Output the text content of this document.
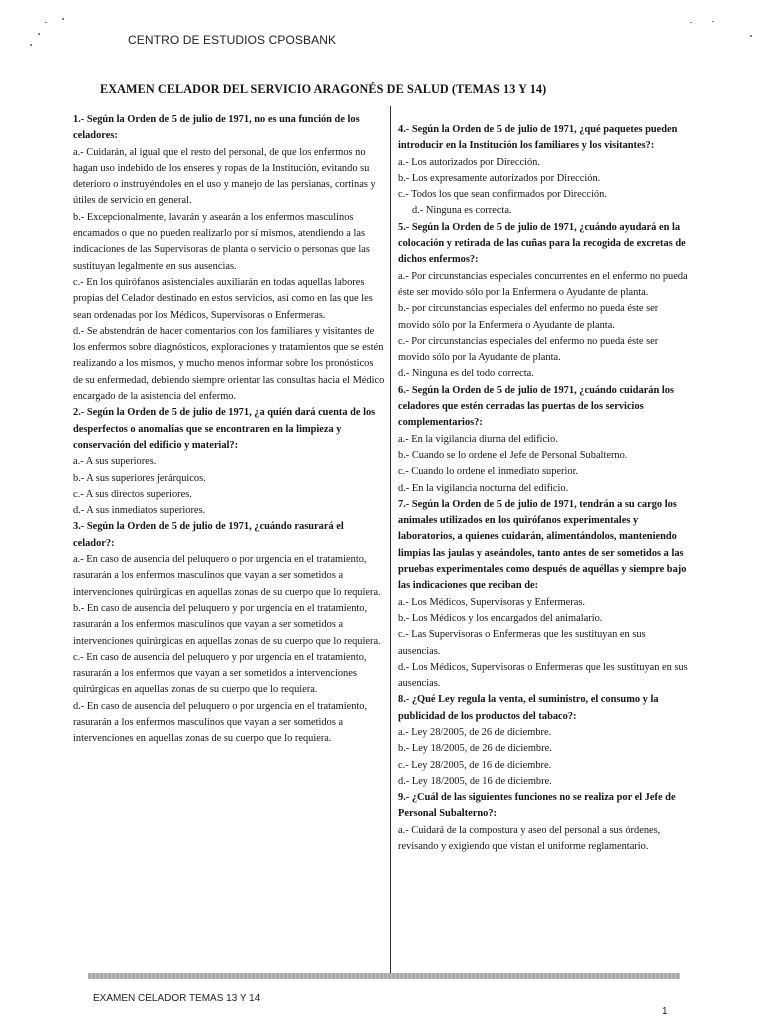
CENTRO DE ESTUDIOS CPOSBANK
EXAMEN CELADOR DEL SERVICIO ARAGONÉS DE SALUD (TEMAS 13 Y 14)

1.- Según la Orden de 5 de julio de 1971, no es una función de los celadores:

a.- Cuidarán, al igual que el resto del personal, de que los enfermos no hagan uso indebido de los enseres y ropas de la Institución, evitando su deterioro o instruyéndoles en el uso y manejo de las persianas, cortinas y útiles de servicio en general.

b.- Excepcionalmente, lavarán y asearán a los enfermos masculinos encamados o que no pueden realizarlo por sí mismos, atendiendo a las indicaciones de las Supervisoras de planta o servicio o personas que las sustituyan legalmente en sus ausencias.

c.- En los quirófanos asistenciales auxiliarán en todas aquellas labores propias del Celador destinado en estos servicios, así como en las que les sean ordenadas por los Médicos, Supervisoras o Enfermeras.

d.- Se abstendrán de hacer comentarios con los familiares y visitantes de los enfermos sobre diagnósticos, exploraciones y tratamientos que se estén realizando a los mismos, y mucho menos informar sobre los pronósticos de su enfermedad, debiendo siempre orientar las consultas hacia el Médico encargado de la asistencia del enfermo.

2.- Según la Orden de 5 de julio de 1971, ¿a quién dará cuenta de los desperfectos o anomalías que se encontraren en la limpieza y conservación del edificio y material?:

a.- A sus superiores.

b.- A sus superiores jerárquicos.

c.- A sus directos superiores.

d.- A sus inmediatos superiores.

3.- Según la Orden de 5 de julio de 1971, ¿cuándo rasurará el celador?:

a.- En caso de ausencia del peluquero o por urgencia en el tratamiento, rasurarán a los enfermos masculinos que vayan a ser sometidos a intervenciones quirúrgicas en aquellas zonas de su cuerpo que lo requiera.

b.- En caso de ausencia del peluquero y por urgencia en el tratamiento, rasurarán a los enfermos masculinos que vayan a ser sometidos a intervenciones quirúrgicas en aquellas zonas de su cuerpo que lo requiera.

c.- En caso de ausencia del peluquero y por urgencia en el tratamiento, rasurarán a los enfermos que vayan a ser sometidos a intervenciones quirúrgicas en aquellas zonas de su cuerpo que lo requiera.

d.- En caso de ausencia del peluquero o por urgencia en el tratamiento, rasurarán a los enfermos masculinos que vayan a ser sometidos a intervenciones en aquellas zonas de su cuerpo que lo requiera.

4.- Según la Orden de 5 de julio de 1971, ¿qué paquetes pueden introducir en la Institución los familiares y los visitantes?:

a.- Los autorizados por Dirección.

b.- Los expresamente autorizados por Dirección.

c.- Todos los que sean confirmados por Dirección.

d.- Ninguna es correcta.

5.- Según la Orden de 5 de julio de 1971, ¿cuándo ayudará en la colocación y retirada de las cuñas para la recogida de excretas de dichos enfermos?:

a.- Por circunstancias especiales concurrentes en el enfermo no pueda éste ser movido sólo por la Enfermera o Ayudante de planta.

b.- por circunstancias especiales del enfermo no pueda éste ser movido sólo por la Enfermera o Ayudante de planta.

c.- Por circunstancias especiales del enfermo no pueda éste ser movido sólo por la Ayudante de planta.

d.- Ninguna es del todo correcta.

6.- Según la Orden de 5 de julio de 1971, ¿cuándo cuidarán los celadores que estén cerradas las puertas de los servicios complementarios?:

a.- En la vigilancia diurna del edificio.

b.- Cuando se lo ordene el Jefe de Personal Subalterno.

c.- Cuando lo ordene el inmediato superior.

d.- En la vigilancia nocturna del edificio.

7.- Según la Orden de 5 de julio de 1971, tendrán a su cargo los animales utilizados en los quirófanos experimentales y laboratorios, a quienes cuidarán, alimentándolos, manteniendo limpias las jaulas y aseándoles, tanto antes de ser sometidos a las pruebas experimentales como después de aquéllas y siempre bajo las indicaciones que reciban de:

a.- Los Médicos, Supervisoras y Enfermeras.

b.- Los Médicos y los encargados del animalario.

c.- Las Supervisoras o Enfermeras que les sustituyan en sus ausencias.

d.- Los Médicos, Supervisoras o Enfermeras que les sustituyan en sus ausencias.

8.- ¿Qué Ley regula la venta, el suministro, el consumo y la publicidad de los productos del tabaco?:

a.- Ley 28/2005, de 26 de diciembre.

b.- Ley 18/2005, de 26 de diciembre.

c.- Ley 28/2005, de 16 de diciembre.

d.- Ley 18/2005, de 16 de diciembre.

9.- ¿Cuál de las siguientes funciones no se realiza por el Jefe de Personal Subalterno?:

a.- Cuidará de la compostura y aseo del personal a sus órdenes, revisando y exigiendo que vistan el uniforme reglamentario.

EXAMEN CELADOR TEMAS 13 Y 14
1
